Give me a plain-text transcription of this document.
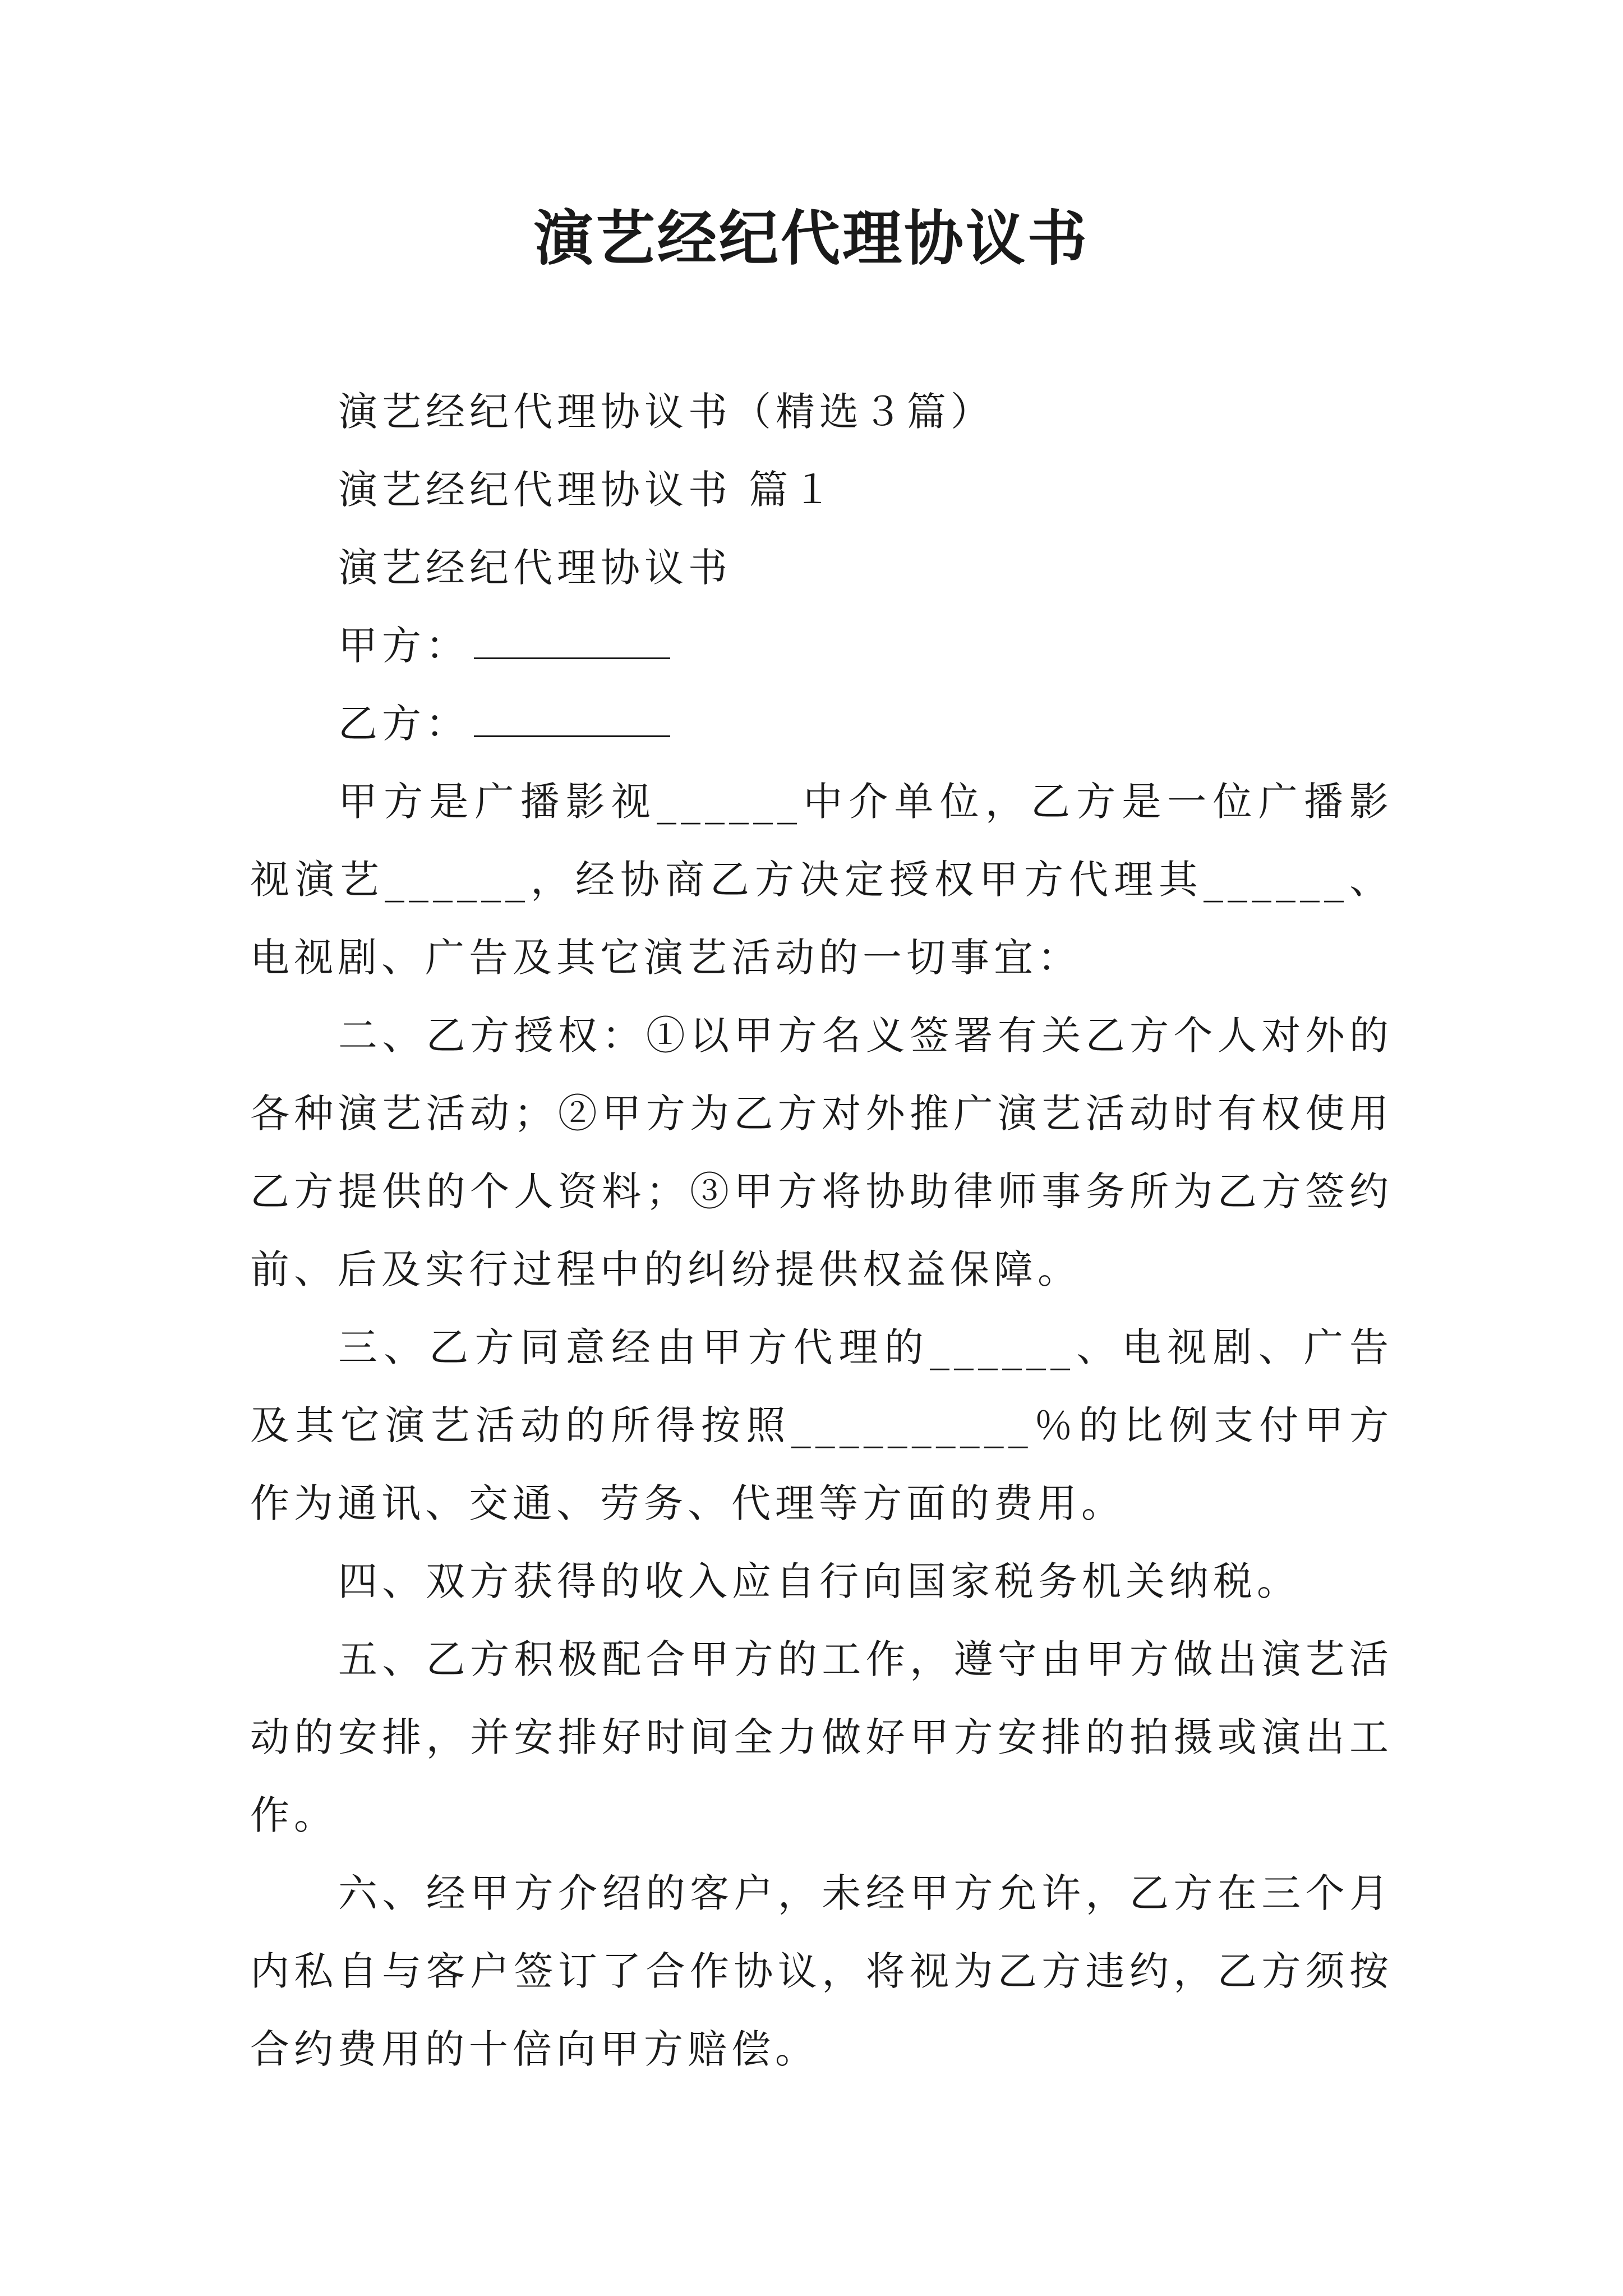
演艺经纪代理协议书

演艺经纪代理协议书（精选３篇）

演艺经纪代理协议书 篇１

演艺经纪代理协议书

甲方：

乙方：

甲方是广播影视______中介单位，乙方是一位广播影视演艺______，经协商乙方决定授权甲方代理其______、电视剧、广告及其它演艺活动的一切事宜：

二、乙方授权：①以甲方名义签署有关乙方个人对外的各种演艺活动；②甲方为乙方对外推广演艺活动时有权使用乙方提供的个人资料；③甲方将协助律师事务所为乙方签约前、后及实行过程中的纠纷提供权益保障。

三、乙方同意经由甲方代理的______、电视剧、广告及其它演艺活动的所得按照__________％的比例支付甲方作为通讯、交通、劳务、代理等方面的费用。

四、双方获得的收入应自行向国家税务机关纳税。

五、乙方积极配合甲方的工作，遵守由甲方做出演艺活动的安排，并安排好时间全力做好甲方安排的拍摄或演出工作。

六、经甲方介绍的客户，未经甲方允许，乙方在三个月内私自与客户签订了合作协议，将视为乙方违约，乙方须按合约费用的十倍向甲方赔偿。
